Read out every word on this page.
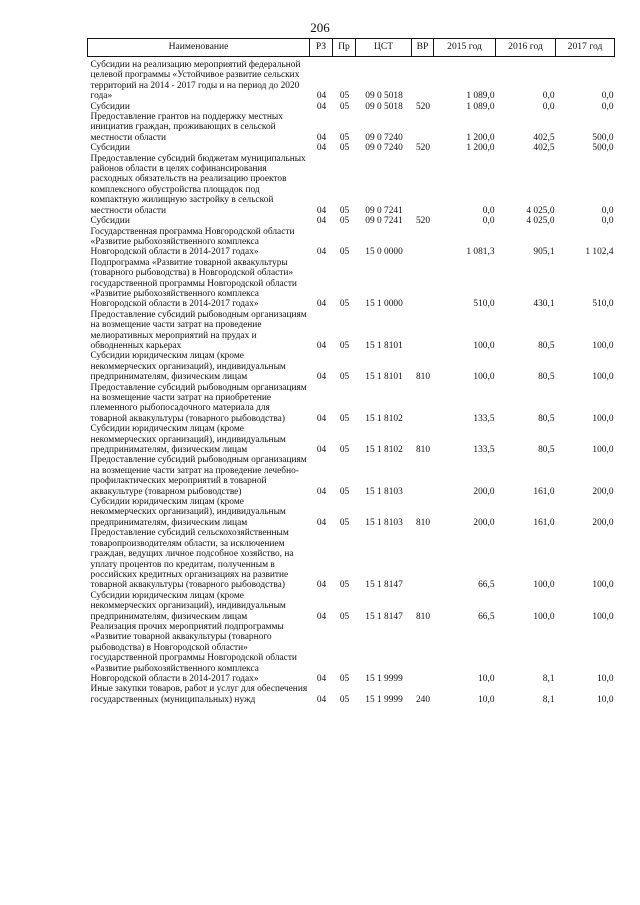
206
Наименование	РЗ	Пр	ЦСТ	ВР	2015 год	2016 год	2017 год
Субсидии на реализацию мероприятий федеральной целевой программы «Устойчивое развитие сельских территорий на 2014 - 2017 годы и на период до 2020 года»	04	05	09 0 5018		1 089,0	0,0	0,0
Субсидии	04	05	09 0 5018	520	1 089,0	0,0	0,0
Предоставление грантов на поддержку местных инициатив граждан, проживающих в сельской местности области	04	05	09 0 7240		1 200,0	402,5	500,0
Субсидии	04	05	09 0 7240	520	1 200,0	402,5	500,0
Предоставление субсидий бюджетам муниципальных районов области в целях софинансирования расходных обязательств на реализацию проектов комплексного обустройства площадок под компактную жилищную застройку в сельской местности области	04	05	09 0 7241		0,0	4 025,0	0,0
Субсидии	04	05	09 0 7241	520	0,0	4 025,0	0,0
Государственная программа Новгородской области «Развитие рыбохозяйственного комплекса Новгородской области в 2014-2017 годах»	04	05	15 0 0000		1 081,3	905,1	1 102,4
Подпрограмма «Развитие товарной аквакультуры (товарного рыбоводства) в Новгородской области» государственной программы Новгородской области «Развитие рыбохозяйственного комплекса Новгородской области в 2014-2017 годах»	04	05	15 1 0000		510,0	430,1	510,0
Предоставление субсидий рыбоводным организациям на возмещение части затрат на проведение мелиоративных мероприятий на прудах и обводненных карьерах	04	05	15 1 8101		100,0	80,5	100,0
Субсидии юридическим лицам (кроме некоммерческих организаций), индивидуальным предпринимателям, физическим лицам	04	05	15 1 8101	810	100,0	80,5	100,0
Предоставление субсидий рыбоводным организациям на возмещение части затрат на приобретение племенного рыбопосадочного материала для товарной аквакультуры (товарного рыбоводства)	04	05	15 1 8102		133,5	80,5	100,0
Субсидии юридическим лицам (кроме некоммерческих организаций), индивидуальным предпринимателям, физическим лицам	04	05	15 1 8102	810	133,5	80,5	100,0
Предоставление субсидий рыбоводным организациям на возмещение части затрат на проведение лечебно-профилактических мероприятий в товарной аквакультуре (товарном рыбоводстве)	04	05	15 1 8103		200,0	161,0	200,0
Субсидии юридическим лицам (кроме некоммерческих организаций), индивидуальным предпринимателям, физическим лицам	04	05	15 1 8103	810	200,0	161,0	200,0
Предоставление субсидий сельскохозяйственным товаропроизводителям области, за исключением граждан, ведущих личное подсобное хозяйство, на уплату процентов по кредитам, полученным в российских кредитных организациях на развитие товарной аквакультуры (товарного рыбоводства)	04	05	15 1 8147		66,5	100,0	100,0
Субсидии юридическим лицам (кроме некоммерческих организаций), индивидуальным предпринимателям, физическим лицам	04	05	15 1 8147	810	66,5	100,0	100,0
Реализация прочих мероприятий подпрограммы «Развитие товарной аквакультуры (товарного рыбоводства) в Новгородской области» государственной программы Новгородской области «Развитие рыбохозяйственного комплекса Новгородской области в 2014-2017 годах»	04	05	15 1 9999		10,0	8,1	10,0
Иные закупки товаров, работ и услуг для обеспечения государственных (муниципальных) нужд	04	05	15 1 9999	240	10,0	8,1	10,0
